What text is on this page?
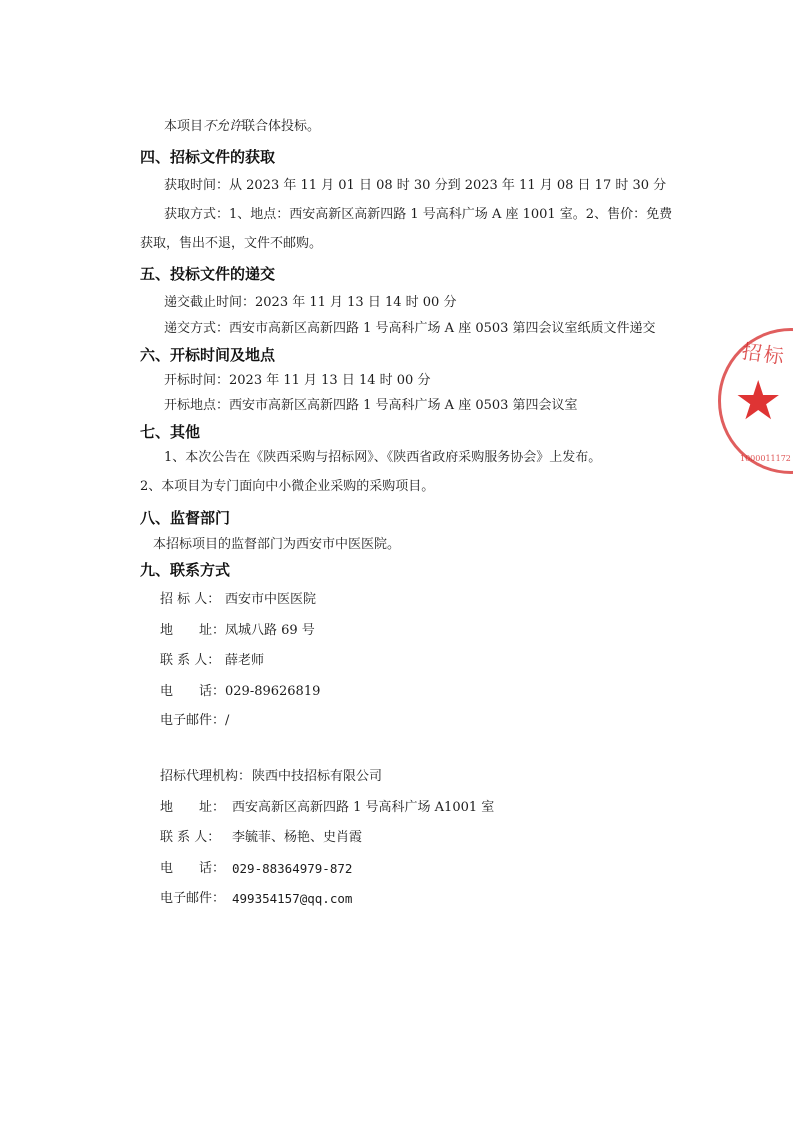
本项目不允许联合体投标。
四、招标文件的获取
获取时间：从 2023 年 11 月 01 日 08 时 30 分到 2023 年 11 月 08 日 17 时 30 分
获取方式：1、地点：西安高新区高新四路 1 号高科广场 A 座 1001 室。2、售价：免费
获取，售出不退，文件不邮购。
五、投标文件的递交
递交截止时间：2023 年 11 月 13 日 14 时 00 分
递交方式：西安市高新区高新四路 1 号高科广场 A 座 0503 第四会议室纸质文件递交
六、开标时间及地点
开标时间：2023 年 11 月 13 日 14 时 00 分
开标地点：西安市高新区高新四路 1 号高科广场 A 座 0503 第四会议室
七、其他
1、本次公告在《陕西采购与招标网》、《陕西省政府采购服务协会》上发布。
2、本项目为专门面向中小微企业采购的采购项目。
八、监督部门
本招标项目的监督部门为西安市中医医院。
九、联系方式
招 标 人： 西安市中医医院
地　　址： 凤城八路 69 号
联 系 人： 薛老师
电　　话： 029-89626819
电子邮件： /
招标代理机构： 陕西中技招标有限公司
地　　址： 西安高新区高新四路 1 号高科广场 A1001 室
联 系 人： 李毓菲、杨艳、史肖霞
电　　话： 029-88364979-872
电子邮件： 499354157@qq.com
招标
★
1000011172
